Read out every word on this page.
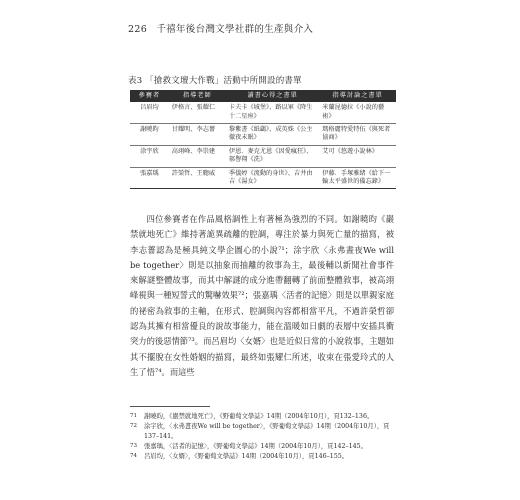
226 千禧年後台灣文學社群的生產與介入
表3 「搶救文壇大作戰」活動中所開設的書單
參賽者	指導老師	讀書心得之書單	指導討論之書單
呂眉均	伊格言、張耀仁	卡夫卡《城堡》、路以軍《降生十二星座》	米蘭昆德拉《小說的藝術》
謝曉昀	甘耀明、李志薔	黎紫書《紙鷂》、成英姝《公主徹夜未眠》	瑪格麗特愛特伍《與死者協商》
涂宇欣	高翊峰、李崇建	伊恩．麥克尤恩《因愛瘋狂》、郝譽翔《洗》	艾可《悠遊小說林》
張嘉瑀	許榮哲、王聰威	季儀婷《流動的身世》、吉井由吉《湯女》	伊藤．手塚雅緒《給下一輪太平盛世的備忘錄》

四位參賽者在作品風格調性上有著極為強烈的不同。如謝曉昀《巖禁就地死亡》維持著詭異疏離的腔調，專注於暴力與死亡量的描寫，被李志薔認為是極具純文學企圖心的小說⁷¹；涂宇欣〈永弗晝夜We will be together〉則是以抽象而抽離的敘事為主，最後輔以新聞社會事件來解謎整體故事，而其中解謎的成分進帶翻轉了前面整體敘事，被高翊峰視與一種短誓式的驚嚇效果⁷²；張嘉瑀〈活者的記憶〉則是以單親家庭的祕密為敘事的主軸，在形式、腔調與內容都相當平凡，不過許榮哲卻認為其擁有相當優良的說故事能力，能在溫暖如日劇的表層中安插具衝突力的後惡情節⁷³。而呂眉均〈女婿〉也是近似日常的小說敘事，主題如其不擺脫在女性婚姻的描寫，最終如張耀仁所述，收束在張愛玲式的人生了悟⁷⁴。而這些

71 謝曉昀，《巖禁就地死亡》，《野葡萄文學誌》14期（2004年10月），頁132–136。
72 涂宇欣，〈永弗晝夜We will be together〉，《野葡萄文學誌》14期（2004年10月），頁137–141。
73 張嘉瑀，〈活者的記憶〉，《野葡萄文學誌》14期（2004年10月），頁142–145。
74 呂眉均，〈女婿〉，《野葡萄文學誌》14期（2004年10月），頁146–155。
